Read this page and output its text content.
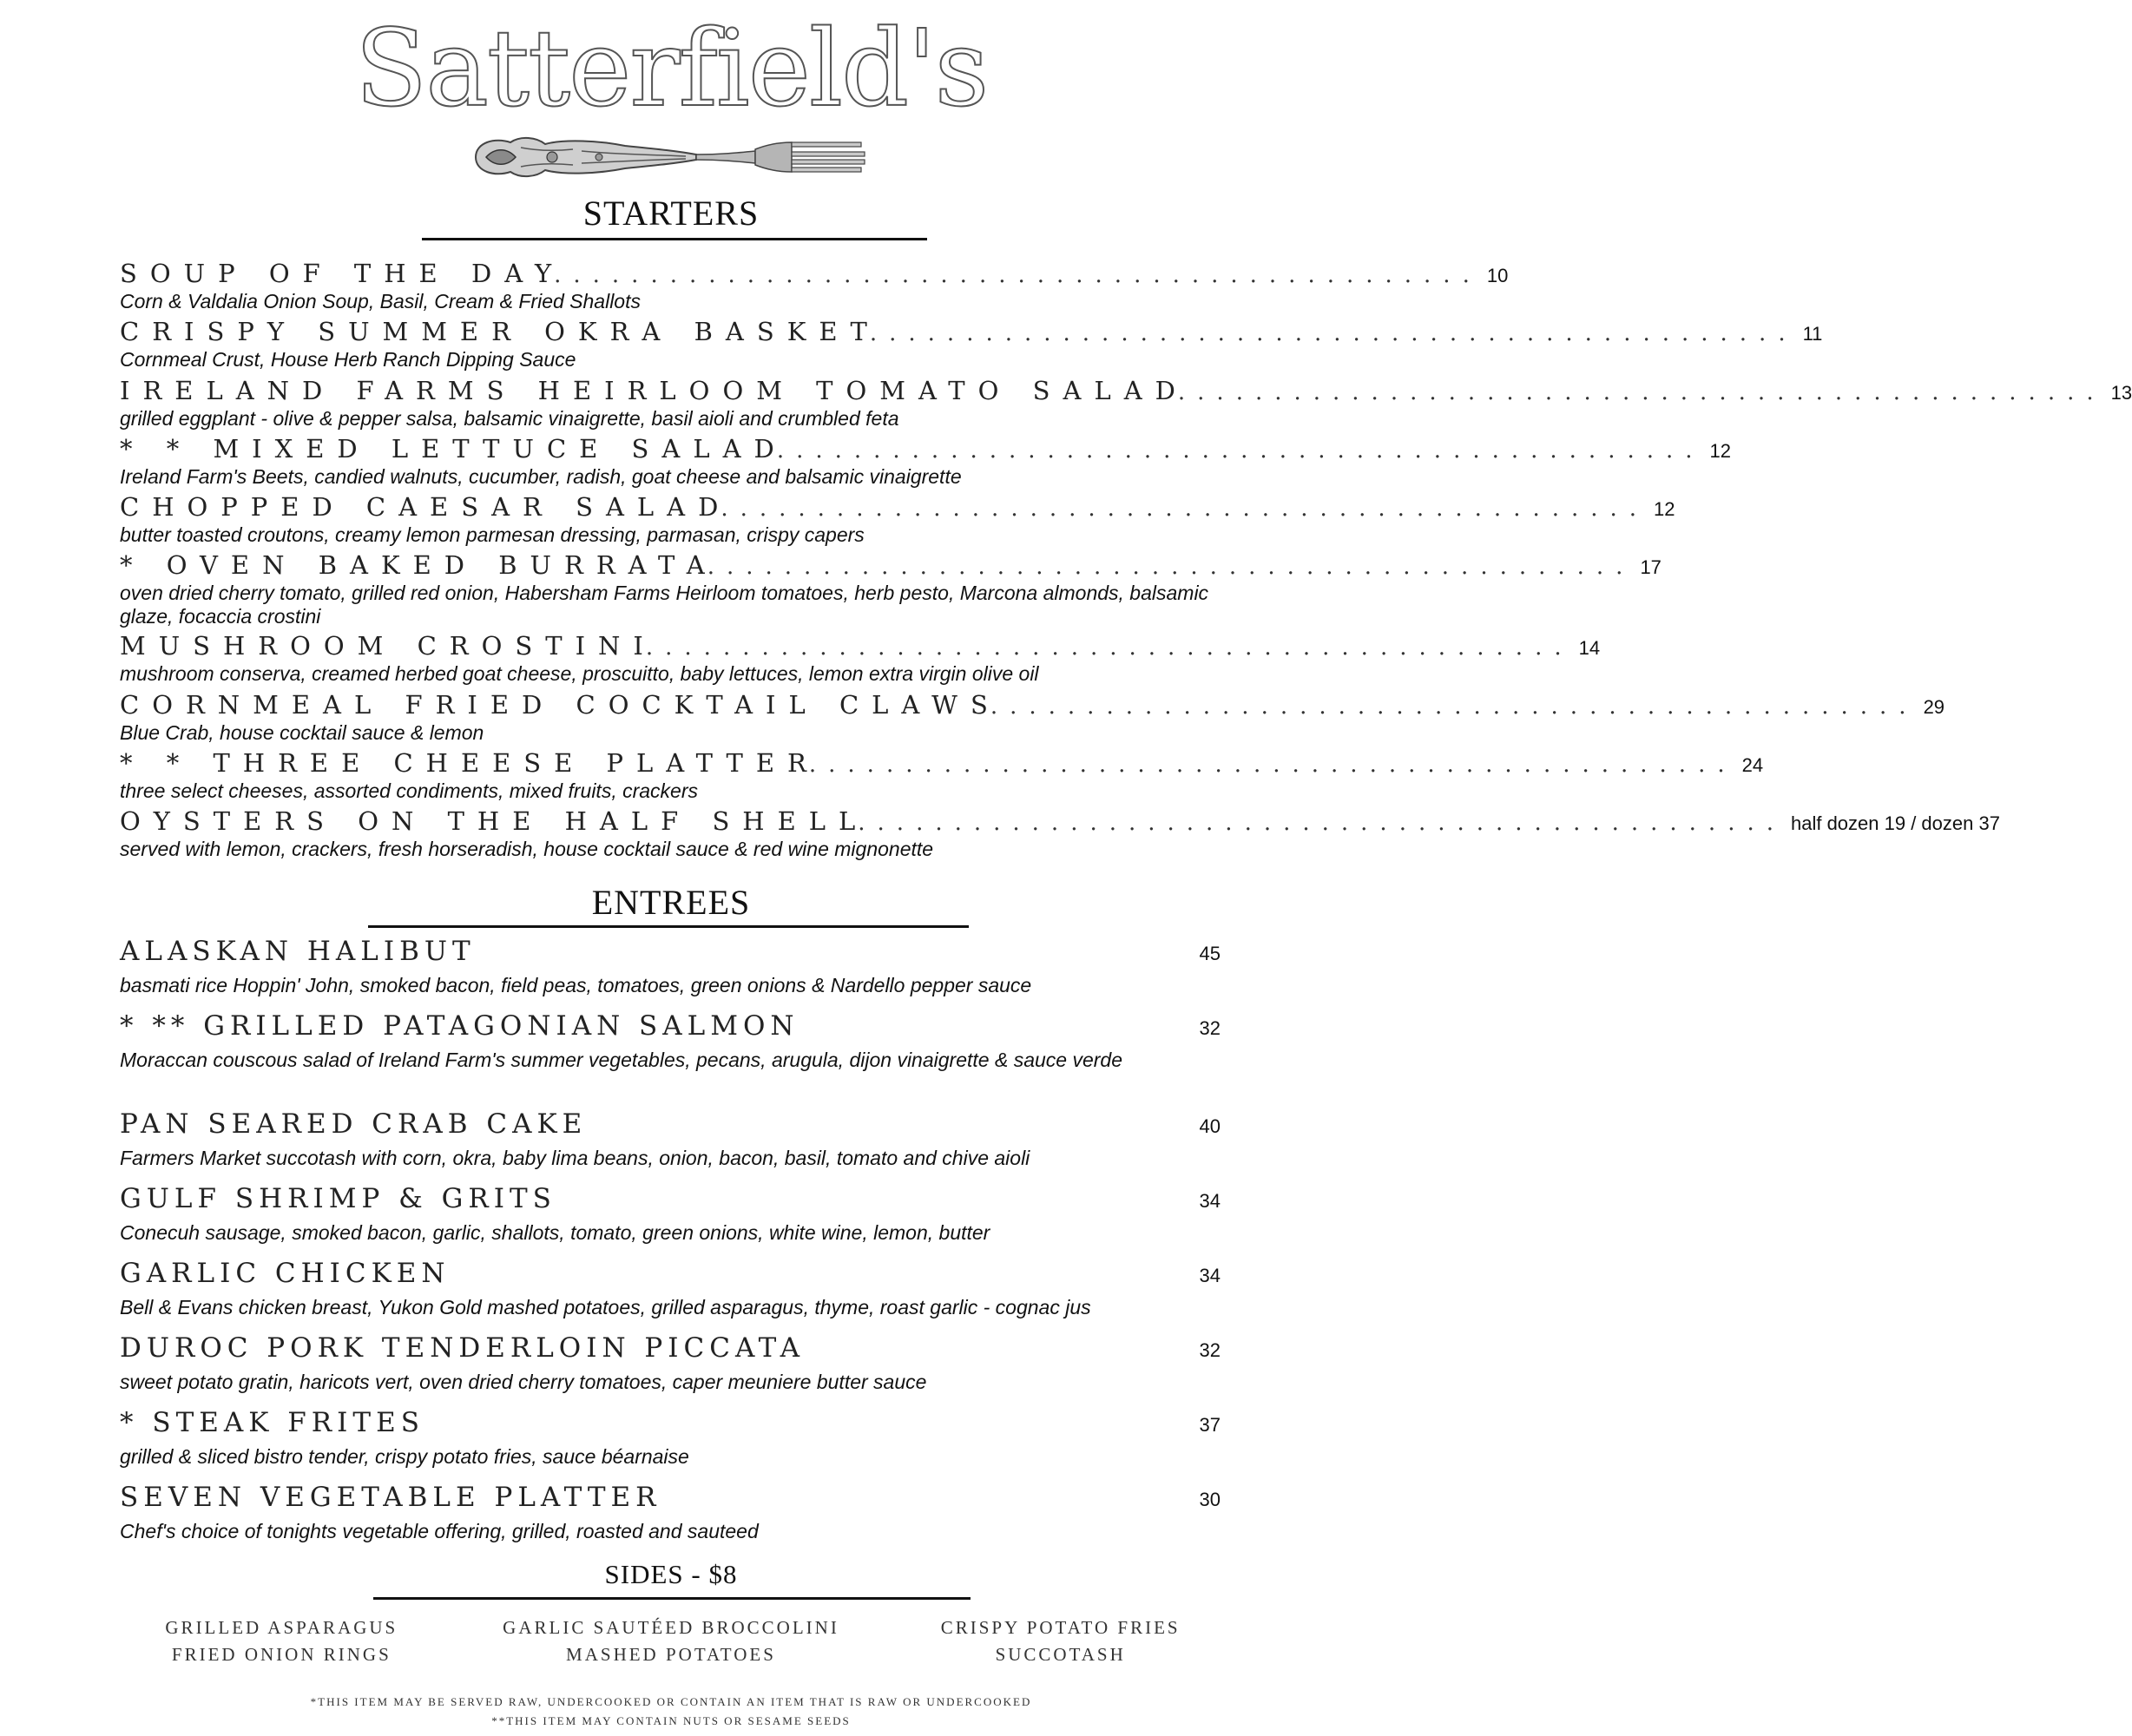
Satterfield's
STARTERS
SOUP OF THE DAY
................................................ 10
Corn & Valdalia Onion Soup, Basil, Cream & Fried Shallots
CRISPY SUMMER OKRA BASKET
................................................ 11
Cornmeal Crust, House Herb Ranch Dipping Sauce
IRELAND FARMS HEIRLOOM TOMATO SALAD
................................................ 13
grilled eggplant - olive & pepper salsa, balsamic vinaigrette, basil aioli and crumbled feta
* * MIXED LETTUCE SALAD
................................................ 12
Ireland Farm's Beets, candied walnuts, cucumber, radish, goat cheese and balsamic vinaigrette
CHOPPED CAESAR SALAD
................................................ 12
butter toasted croutons, creamy lemon parmesan dressing, parmasan, crispy capers
* OVEN BAKED BURRATA
................................................ 17
oven dried cherry tomato, grilled red onion, Habersham Farms Heirloom tomatoes, herb pesto, Marcona almonds, balsamic glaze, focaccia crostini
MUSHROOM CROSTINI
................................................ 14
mushroom conserva, creamed herbed goat cheese, proscuitto, baby lettuces, lemon extra virgin olive oil
CORNMEAL FRIED COCKTAIL CLAWS
................................................ 29
Blue Crab, house cocktail sauce & lemon
* * THREE CHEESE PLATTER
................................................ 24
three select cheeses, assorted condiments, mixed fruits, crackers
OYSTERS ON THE HALF SHELL
................................................ half dozen 19 / dozen 37
served with lemon, crackers, fresh horseradish, house cocktail sauce & red wine mignonette
ENTREES
ALASKAN HALIBUT	45
basmati rice Hoppin' John, smoked bacon, field peas, tomatoes, green onions & Nardello pepper sauce
* ** GRILLED PATAGONIAN SALMON	32
Moraccan couscous salad of Ireland Farm's summer vegetables, pecans, arugula, dijon vinaigrette & sauce verde
PAN SEARED CRAB CAKE	40
Farmers Market succotash with corn, okra, baby lima beans, onion, bacon, basil, tomato and chive aioli
GULF SHRIMP & GRITS	34
Conecuh sausage, smoked bacon, garlic, shallots, tomato, green onions, white wine, lemon, butter
GARLIC CHICKEN	34
Bell & Evans chicken breast, Yukon Gold mashed potatoes, grilled asparagus, thyme, roast garlic - cognac jus
DUROC PORK TENDERLOIN PICCATA	32
sweet potato gratin, haricots vert, oven dried cherry tomatoes, caper meuniere butter sauce
* STEAK FRITES	37
grilled & sliced bistro tender, crispy potato fries, sauce béarnaise
SEVEN VEGETABLE PLATTER	30
Chef's choice of tonights vegetable offering, grilled, roasted and sauteed
SIDES - $8
GRILLED ASPARAGUS	GARLIC SAUTÉED BROCCOLINI	CRISPY POTATO FRIES
FRIED ONION RINGS	MASHED POTATOES	SUCCOTASH
*THIS ITEM MAY BE SERVED RAW, UNDERCOOKED OR CONTAIN AN ITEM THAT IS RAW OR UNDERCOOKED
**THIS ITEM MAY CONTAIN NUTS OR SESAME SEEDS
